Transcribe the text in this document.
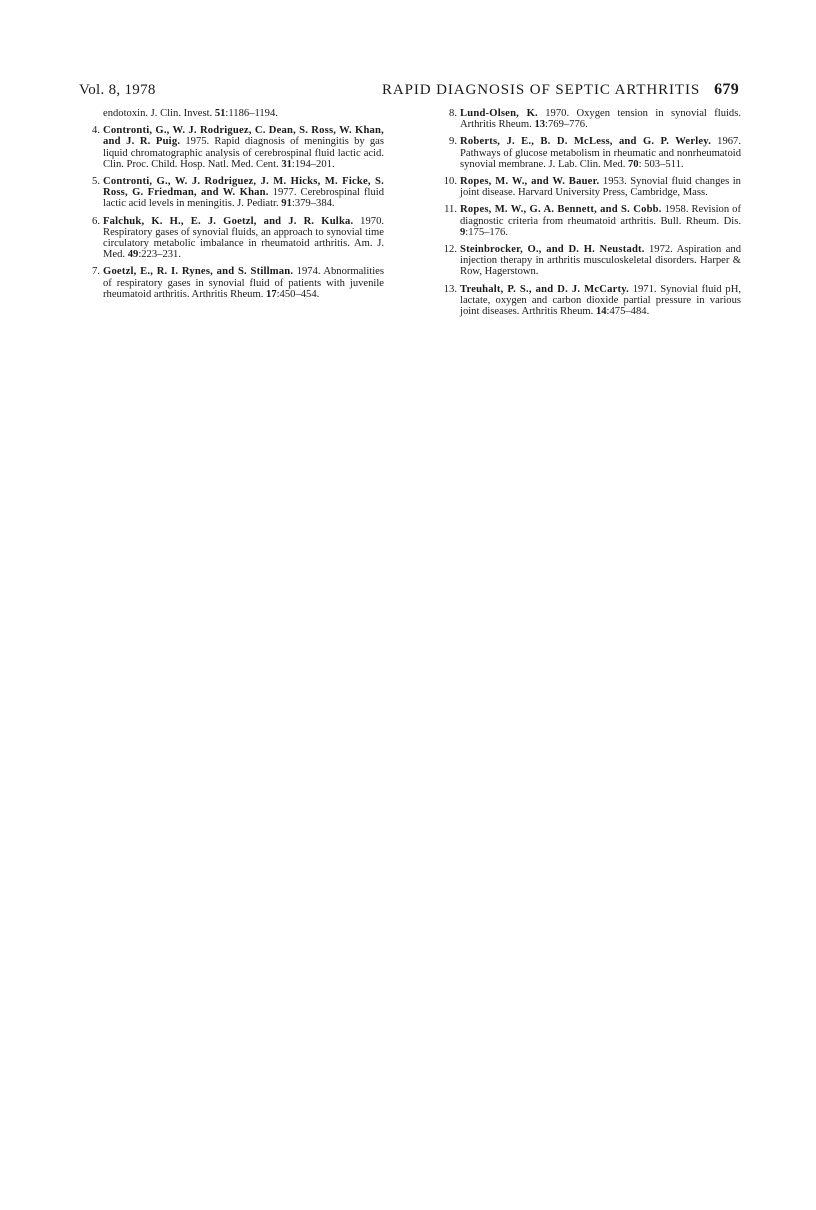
Vol. 8, 1978	RAPID DIAGNOSIS OF SEPTIC ARTHRITIS 679
endotoxin. J. Clin. Invest. 51:1186–1194.
4. Contronti, G., W. J. Rodriguez, C. Dean, S. Ross, W. Khan, and J. R. Puig. 1975. Rapid diagnosis of meningitis by gas liquid chromatographic analysis of cerebrospinal fluid lactic acid. Clin. Proc. Child. Hosp. Natl. Med. Cent. 31:194–201.
5. Contronti, G., W. J. Rodriguez, J. M. Hicks, M. Ficke, S. Ross, G. Friedman, and W. Khan. 1977. Cerebrospinal fluid lactic acid levels in meningitis. J. Pediatr. 91:379–384.
6. Falchuk, K. H., E. J. Goetzl, and J. R. Kulka. 1970. Respiratory gases of synovial fluids, an approach to synovial time circulatory metabolic imbalance in rheumatoid arthritis. Am. J. Med. 49:223–231.
7. Goetzl, E., R. I. Rynes, and S. Stillman. 1974. Abnormalities of respiratory gases in synovial fluid of patients with juvenile rheumatoid arthritis. Arthritis Rheum. 17:450–454.
8. Lund-Olsen, K. 1970. Oxygen tension in synovial fluids. Arthritis Rheum. 13:769–776.
9. Roberts, J. E., B. D. McLess, and G. P. Werley. 1967. Pathways of glucose metabolism in rheumatic and nonrheumatoid synovial membrane. J. Lab. Clin. Med. 70: 503–511.
10. Ropes, M. W., and W. Bauer. 1953. Synovial fluid changes in joint disease. Harvard University Press, Cambridge, Mass.
11. Ropes, M. W., G. A. Bennett, and S. Cobb. 1958. Revision of diagnostic criteria from rheumatoid arthritis. Bull. Rheum. Dis. 9:175–176.
12. Steinbrocker, O., and D. H. Neustadt. 1972. Aspiration and injection therapy in arthritis musculoskeletal disorders. Harper & Row, Hagerstown.
13. Treuhalt, P. S., and D. J. McCarty. 1971. Synovial fluid pH, lactate, oxygen and carbon dioxide partial pressure in various joint diseases. Arthritis Rheum. 14:475–484.
